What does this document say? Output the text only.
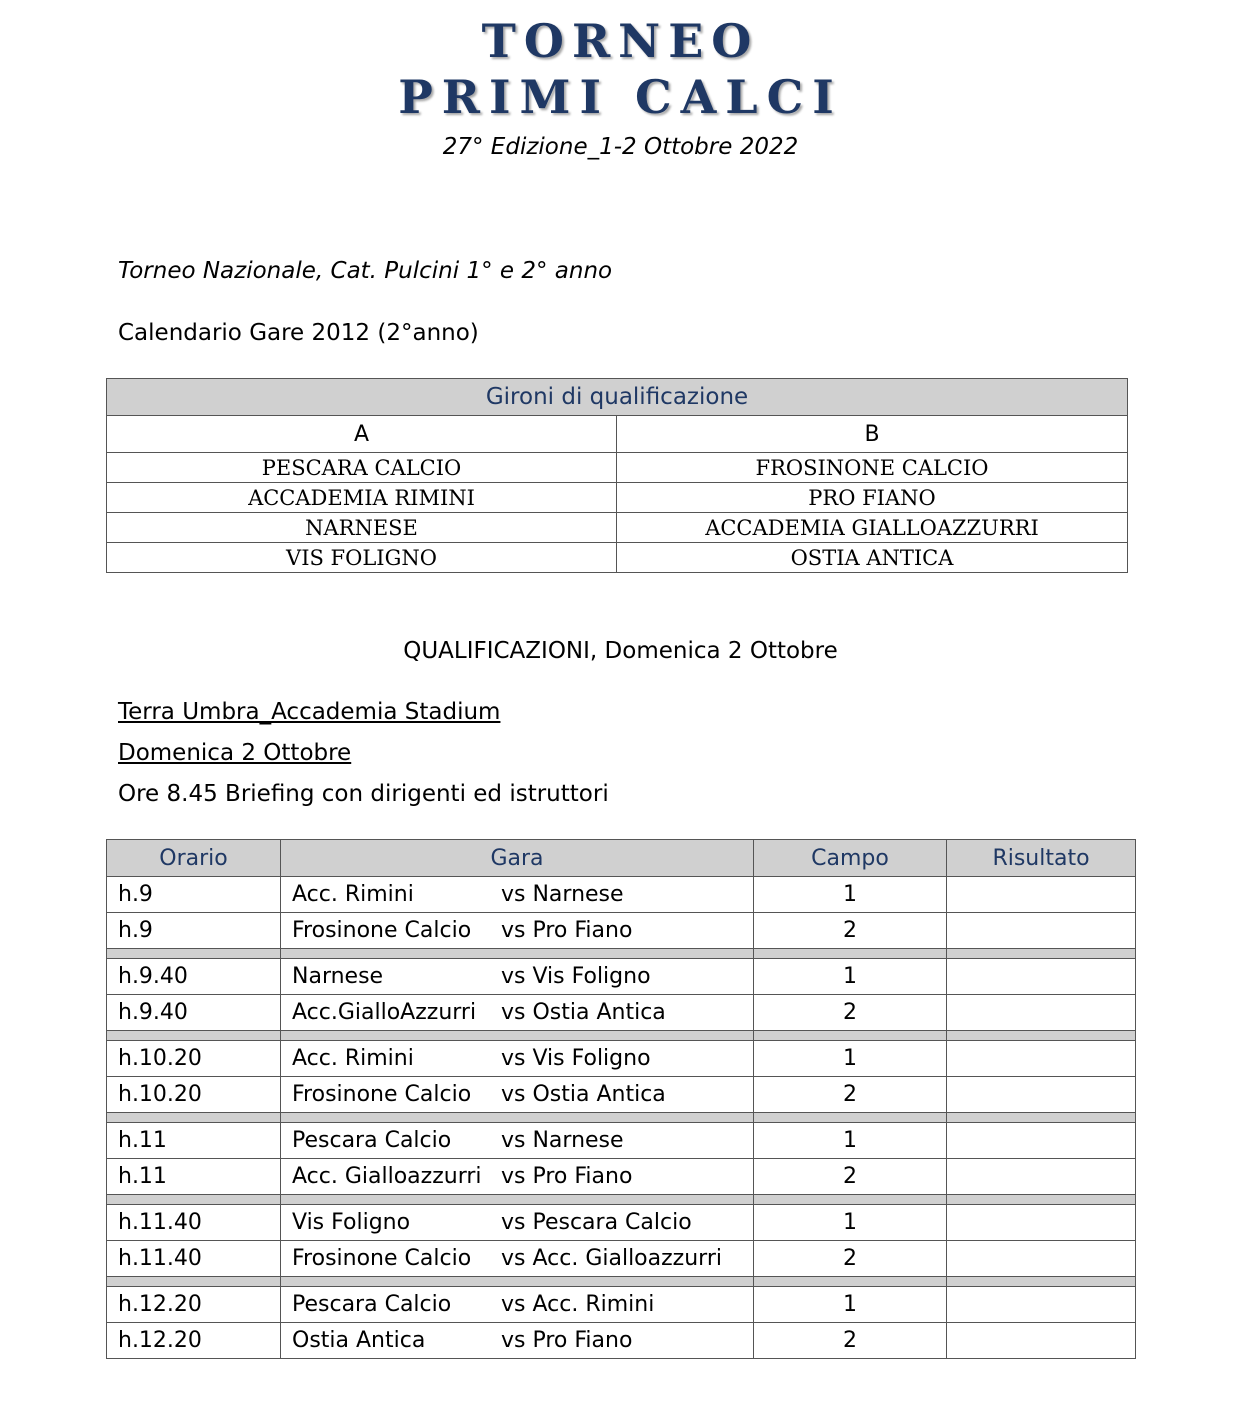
TORNEO
PRIMI CALCI
27° Edizione_1-2 Ottobre 2022
Torneo Nazionale, Cat. Pulcini 1° e 2° anno
Calendario Gare 2012 (2°anno)
Gironi di qualificazione	
A	B
PESCARA CALCIO	FROSINONE CALCIO
ACCADEMIA RIMINI	PRO FIANO
NARNESE	ACCADEMIA GIALLOAZZURRI
VIS FOLIGNO	OSTIA ANTICA
QUALIFICAZIONI, Domenica 2 Ottobre
Terra Umbra_Accademia Stadium
Domenica 2 Ottobre
Ore 8.45 Briefing con dirigenti ed istruttori
Orario	Gara	Campo	Risultato
h.9	Acc. Rimini vs Narnese	1	
h.9	Frosinone Calcio vs Pro Fiano	2	

h.9.40	Narnese vs Vis Foligno	1	
h.9.40	Acc.GialloAzzurri vs Ostia Antica	2	

h.10.20	Acc. Rimini vs Vis Foligno	1	
h.10.20	Frosinone Calcio vs Ostia Antica	2	

h.11	Pescara Calcio vs Narnese	1	
h.11	Acc. Gialloazzurri vs Pro Fiano	2	

h.11.40	Vis Foligno vs Pescara Calcio	1	
h.11.40	Frosinone Calcio vs Acc. Gialloazzurri	2	

h.12.20	Pescara Calcio vs Acc. Rimini	1	
h.12.20	Ostia Antica vs Pro Fiano	2	
